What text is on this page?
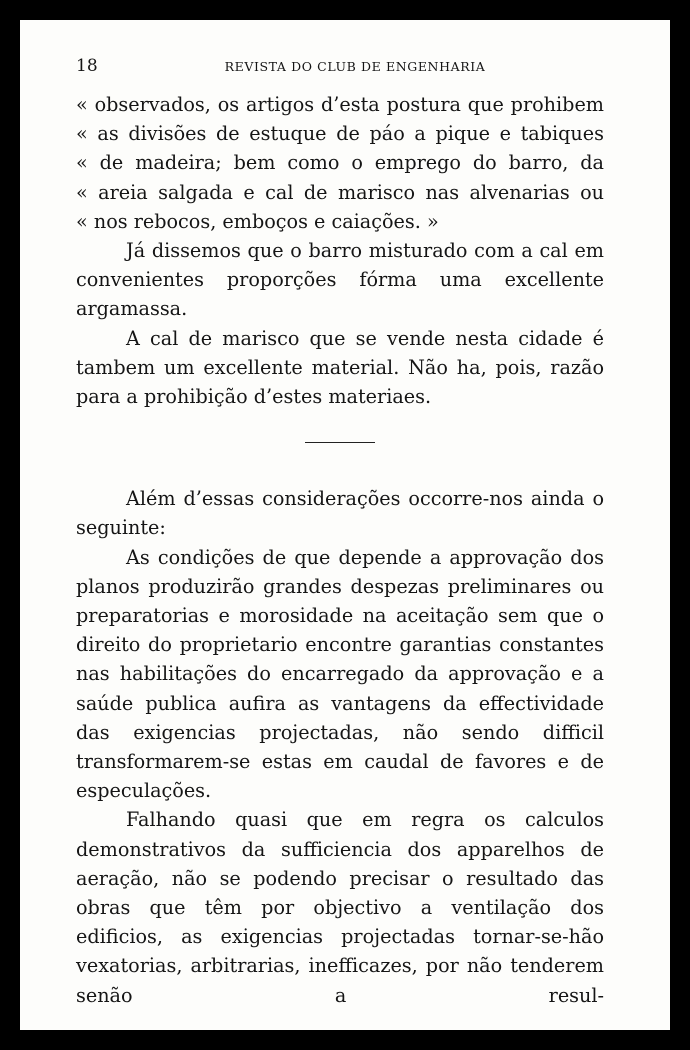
18	REVISTA DO CLUB DE ENGENHARIA

« observados, os artigos d’esta postura que prohibem

« as divisões de estuque de páo a pique e tabiques

« de madeira; bem como o emprego do barro, da

« areia salgada e cal de marisco nas alvenarias ou

« nos rebocos, emboços e caiações. »

Já dissemos que o barro misturado com a cal em convenientes proporções fórma uma excellente argamassa.

A cal de marisco que se vende nesta cidade é tambem um excellente material. Não ha, pois, razão para a prohibição d’estes materiaes.

Além d’essas considerações occorre-nos ainda o seguinte:

As condições de que depende a approvação dos planos produzirão grandes despezas preliminares ou preparatorias e morosidade na aceitação sem que o direito do proprietario encontre garantias constantes nas habilitações do encarregado da approvação e a saúde publica aufira as vantagens da effectividade das exigencias projectadas, não sendo difficil transformarem-se estas em caudal de favores e de especulações.

Falhando quasi que em regra os calculos demonstrativos da sufficiencia dos apparelhos de aeração, não se podendo precisar o resultado das obras que têm por objectivo a ventilação dos edificios, as exigencias projectadas tornar-se-hão vexatorias, arbitrarias, inefficazes, por não tenderem senão a resul-
